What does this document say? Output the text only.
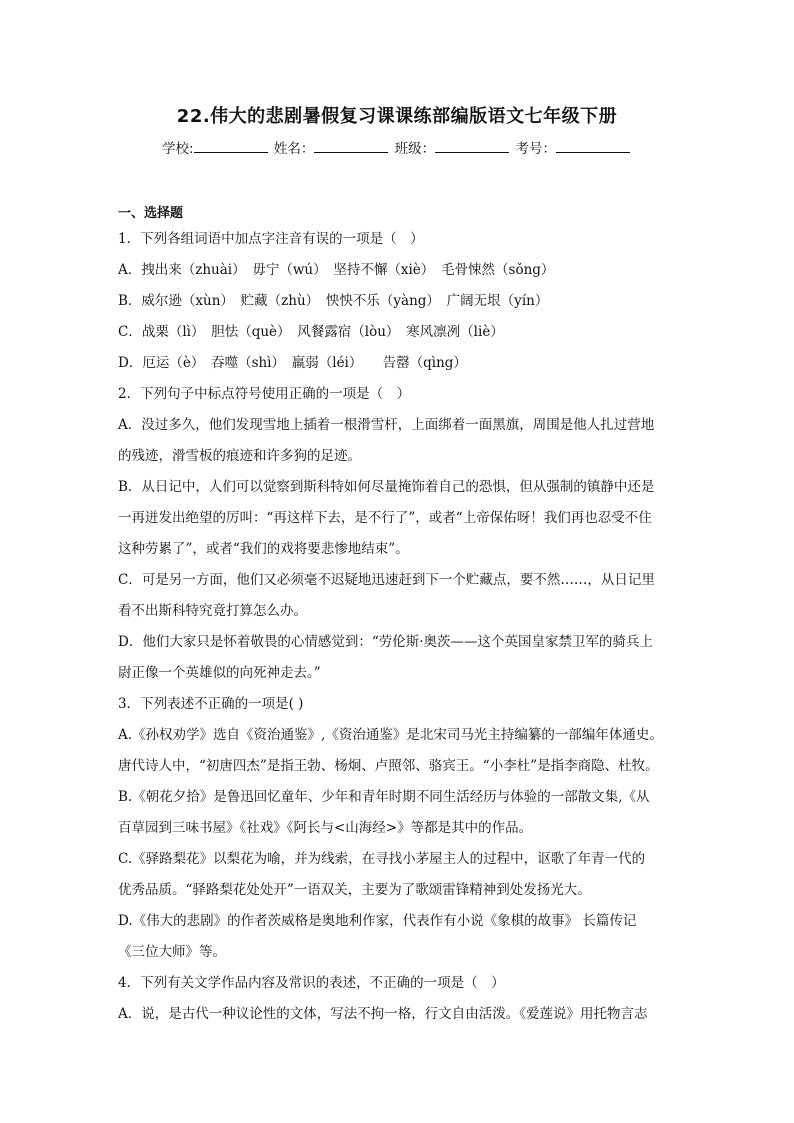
22.伟大的悲剧暑假复习课课练部编版语文七年级下册
学校:	姓名：	班级：	考号：
一、选择题
1．下列各组词语中加点字注音有误的一项是（　）
A．拽出来（zhuài）　毋宁（wú）　坚持不懈（xiè）　毛骨悚然（sǒng）
B．威尔逊（xùn）　贮藏（zhù）　怏怏不乐（yàng）　广阔无垠（yín）
C．战栗（lì）　胆怯（què）　风餐露宿（lòu）　寒风凛冽（liè）
D．厄运（è）　吞噬（shì）　羸弱（léi）　　告罄（qìng）
2．下列句子中标点符号使用正确的一项是（　）
A．没过多久，他们发现雪地上插着一根滑雪杆，上面绑着一面黑旗，周围是他人扎过营地
的残迹，滑雪板的痕迹和许多狗的足迹。
B．从日记中，人们可以觉察到斯科特如何尽量掩饰着自己的恐惧，但从强制的镇静中还是
一再迸发出绝望的厉叫：“再这样下去，是不行了”，或者“上帝保佑呀！我们再也忍受不住
这种劳累了”，或者“我们的戏将要悲惨地结束”。
C．可是另一方面，他们又必须毫不迟疑地迅速赶到下一个贮藏点，要不然……，从日记里
看不出斯科特究竟打算怎么办。
D．他们大家只是怀着敬畏的心情感觉到：“劳伦斯·奥茨——这个英国皇家禁卫军的骑兵上
尉正像一个英雄似的向死神走去。”
3．下列表述不正确的一项是( )
A.《孙权劝学》选自《资治通鉴》,《资治通鉴》是北宋司马光主持编纂的一部编年体通史。
唐代诗人中，“初唐四杰”是指王勃、杨炯、卢照邻、骆宾王。“小李杜”是指李商隐、杜牧。
B.《朝花夕拾》是鲁迅回忆童年、少年和青年时期不同生活经历与体验的一部散文集,《从
百草园到三味书屋》《社戏》《阿长与<山海经>》等都是其中的作品。
C.《驿路梨花》以梨花为喻，并为线索，在寻找小茅屋主人的过程中，讴歌了年青一代的
优秀品质。“驿路梨花处处开”一语双关，主要为了歌颂雷锋精神到处发扬光大。
D.《伟大的悲剧》的作者茨威格是奥地利作家，代表作有小说《象棋的故事》 长篇传记
《三位大师》等。
4．下列有关文学作品内容及常识的表述，不正确的一项是（　）
A．说，是古代一种议论性的文体，写法不拘一格，行文自由活泼。《爱莲说》用托物言志
